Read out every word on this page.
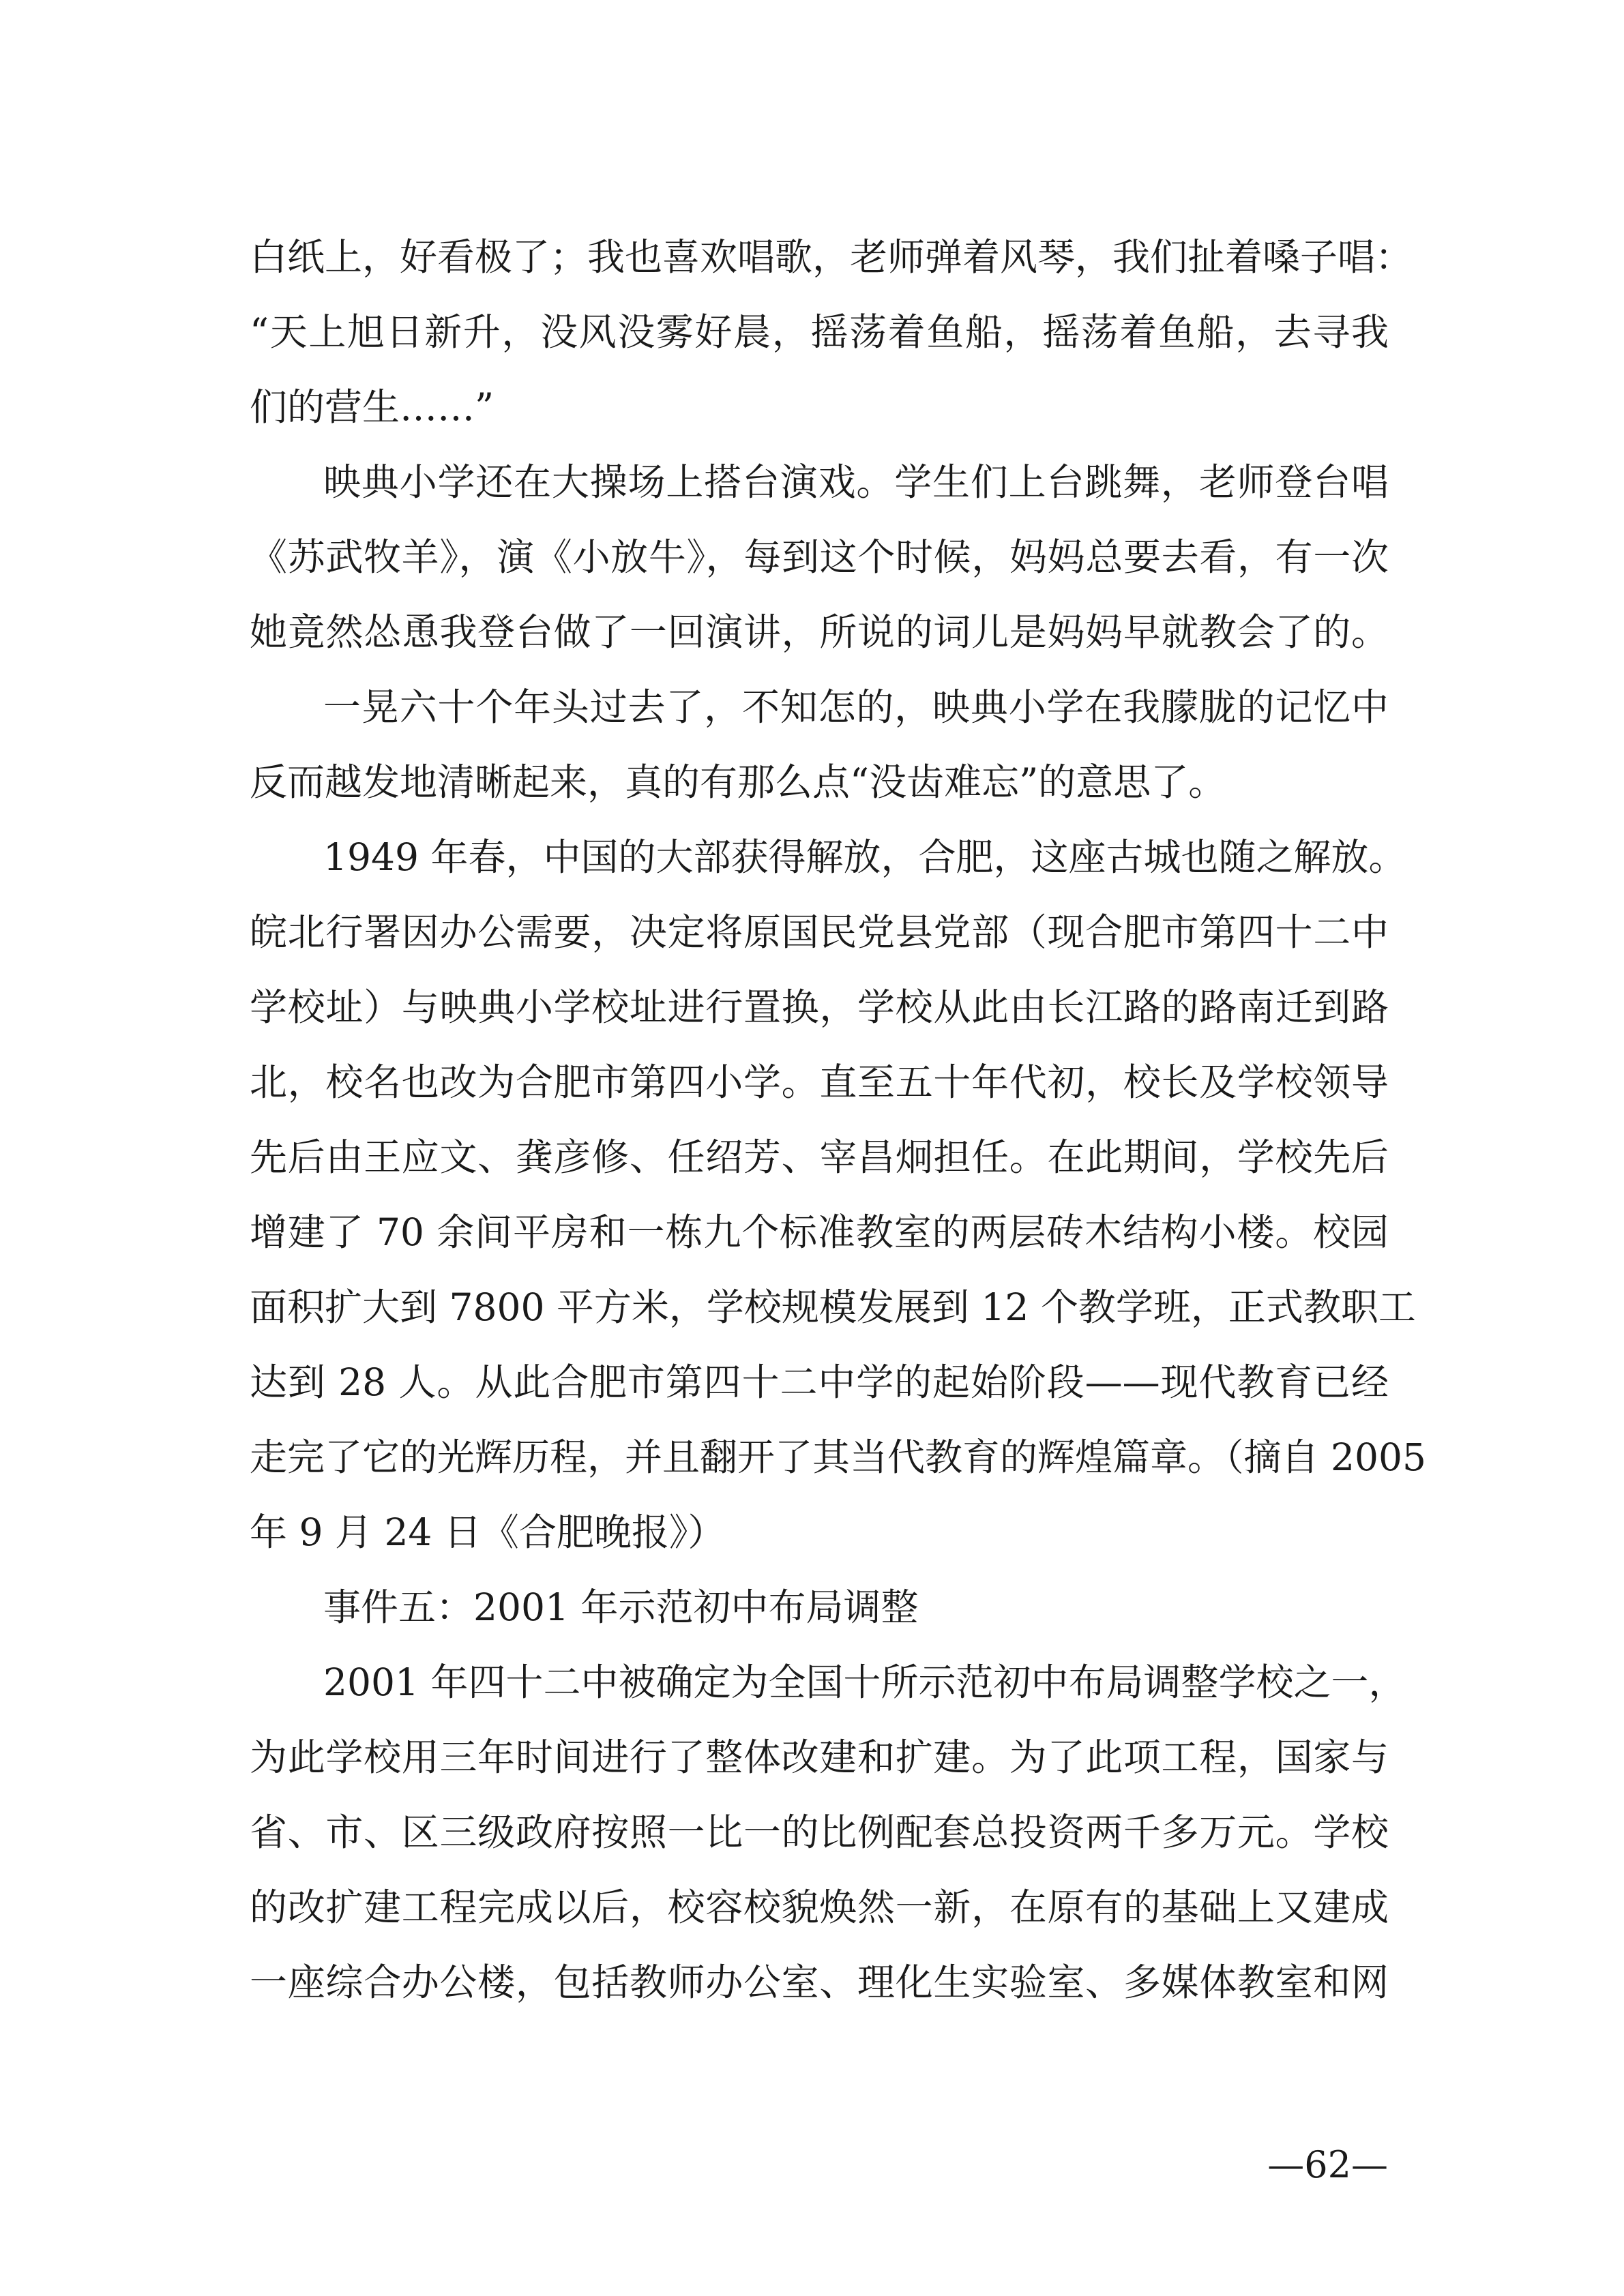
白纸上，好看极了；我也喜欢唱歌，老师弹着风琴，我们扯着嗓子唱：
“天上旭日新升，没风没雾好晨，摇荡着鱼船，摇荡着鱼船，去寻我
们的营生……”
映典小学还在大操场上搭台演戏。学生们上台跳舞，老师登台唱
《苏武牧羊》，演《小放牛》，每到这个时候，妈妈总要去看，有一次
她竟然怂恿我登台做了一回演讲，所说的词儿是妈妈早就教会了的。
一晃六十个年头过去了，不知怎的，映典小学在我朦胧的记忆中
反而越发地清晰起来，真的有那么点“没齿难忘”的意思了。
1949 年春，中国的大部获得解放，合肥，这座古城也随之解放。
皖北行署因办公需要，决定将原国民党县党部（现合肥市第四十二中
学校址）与映典小学校址进行置换，学校从此由长江路的路南迁到路
北，校名也改为合肥市第四小学。直至五十年代初，校长及学校领导
先后由王应文、龚彦修、任绍芳、宰昌炯担任。在此期间，学校先后
增建了 70 余间平房和一栋九个标准教室的两层砖木结构小楼。校园
面积扩大到 7800 平方米，学校规模发展到 12 个教学班，正式教职工
达到 28 人。从此合肥市第四十二中学的起始阶段——现代教育已经
走完了它的光辉历程，并且翻开了其当代教育的辉煌篇章。（摘自 2005
年 9 月 24 日《合肥晚报》）
事件五：2001 年示范初中布局调整
2001 年四十二中被确定为全国十所示范初中布局调整学校之一，
为此学校用三年时间进行了整体改建和扩建。为了此项工程，国家与
省、市、区三级政府按照一比一的比例配套总投资两千多万元。学校
的改扩建工程完成以后，校容校貌焕然一新，在原有的基础上又建成
一座综合办公楼，包括教师办公室、理化生实验室、多媒体教室和网
—62—
